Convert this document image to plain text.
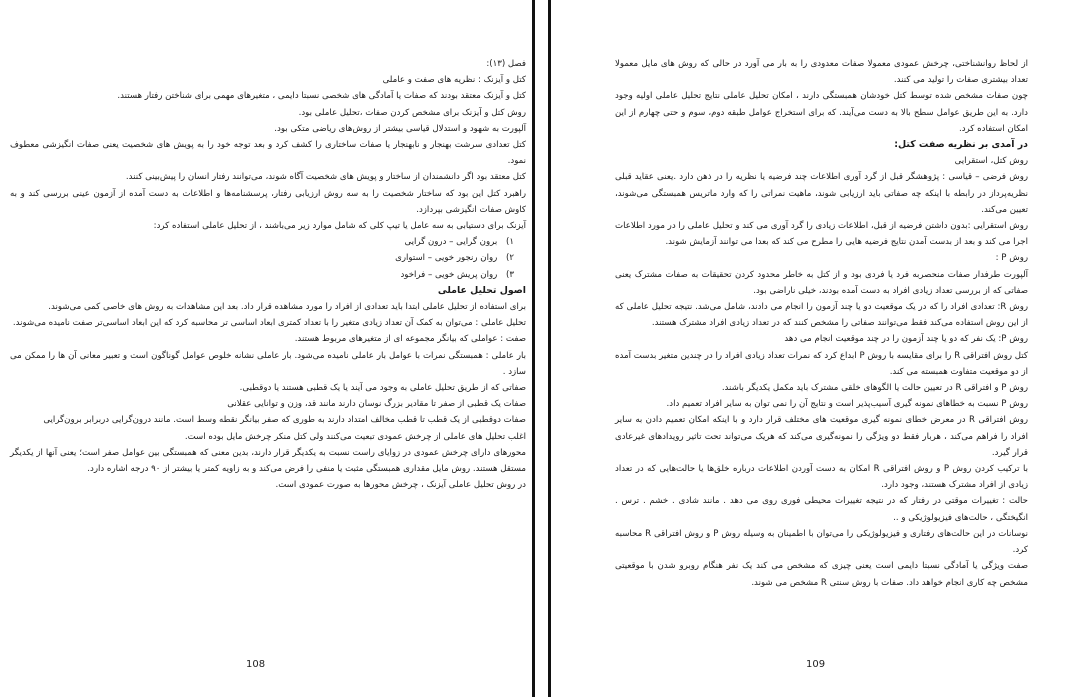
فصل (۱۳):
کتل و آیزنک : نظریه های صفت و عاملی
کتل و آیزنک معتقد بودند که صفات یا آمادگی های شخصی نسبتا دایمی ، متغیرهای مهمی برای شناختن رفتار هستند.
روش کتل و آیزنک برای مشخص کردن صفات ،تحلیل عاملی بود.
آلپورت به شهود و استدلال قیاسی بیشتر از روش‌های ریاضی متکی بود.
کتل تعدادی سرشت بهنجار و نابهنجار یا صفات ساختاری را کشف کرد و بعد توجه خود را به پویش های شخصیت یعنی صفات انگیزشی معطوف نمود.
کتل معتقد بود اگر دانشمندان از ساختار و پویش های شخصیت آگاه شوند، می‌توانند رفتار انسان را پیش‌بینی کنند.
راهبرد کتل این بود که ساختار شخصیت را به سه روش ارزیابی رفتار، پرسشنامه‌ها و اطلاعات به دست آمده از آزمون عینی بررسی کند و به کاوش صفات انگیزشی بپردازد.
آیزنک برای دستیابی به سه عامل یا تیپ کلی که شامل موارد زیر می‌باشند ، از تحلیل عاملی استفاده کرد:
۱) برون گرایی – درون گرایی
۲) روان رنجور خویی – استواری
۳) روان پریش خویی – فراخود
اصول تحلیل عاملی
برای استفاده از تحلیل عاملی ابتدا باید تعدادی از افراد را مورد مشاهده قرار داد. بعد این مشاهدات به روش های خاصی کمی می‌شوند.
تحلیل عاملی : می‌توان به کمک آن تعداد زیادی متغیر را با تعداد کمتری ابعاد اساسی تر محاسبه کرد که این ابعاد اساسی‌تر صفت نامیده می‌شوند.
صفت : عواملی که بیانگر مجموعه ای از متغیرهای مربوط هستند.
بار عاملی : همبستگی نمرات با عوامل بار عاملی نامیده می‌شود. بار عاملی نشانه خلوص عوامل گوناگون است و تعبیر معانی آن ها را ممکن می سازد .
صفاتی که از طریق تحلیل عاملی به وجود می آیند یا یک قطبی هستند یا دوقطبی.
صفات یک قطبی از صفر تا مقادیر بزرگ نوسان دارند مانند قد، وزن و توانایی عقلانی
صفات دوقطبی از یک قطب تا قطب مخالف امتداد دارند به طوری که صفر بیانگر نقطه وسط است. مانند درون‌گرایی دربرابر برون‌گرایی
اغلب تحلیل های عاملی از چرخش عمودی تبعیت می‌کنند ولی کتل منکر چرخش مایل بوده است.
محورهای دارای چرخش عمودی در زوایای راست نسبت به یکدیگر قرار دارند، بدین معنی که همبستگی بین عوامل صفر است؛ یعنی آنها از یکدیگر مستقل هستند. روش مایل مقداری همبستگی مثبت یا منفی را فرض می‌کند و به زاویه کمتر یا بیشتر از ۹۰ درجه اشاره دارد.
در روش تحلیل عاملی آیزنک ، چرخش محورها به صورت عمودی است.
108
از لحاظ روانشناختی، چرخش عمودی معمولا صفات معدودی را به بار می آورد در حالی که روش های مایل معمولا تعداد بیشتری صفات را تولید می کنند.
چون صفات مشخص شده توسط کتل خودشان همبستگی دارند ، امکان تحلیل عاملی نتایج تحلیل عاملی اولیه وجود دارد. به این طریق عوامل سطح بالا به دست می‌آیند. که برای استخراج عوامل طبقه دوم، سوم و حتی چهارم از این امکان استفاده کرد.
در آمدی بر نظریه صفت کتل:
روش کتل، استقرایی
روش فرضی – قیاسی : پژوهشگر قبل از گرد آوری اطلاعات چند فرضیه یا نظریه را در ذهن دارد .یعنی عقاید قبلی نظریه‌پرداز در رابطه با اینکه چه صفاتی باید ارزیابی شوند، ماهیت نمراتی را که وارد ماتریس همبستگی می‌شوند، تعیین می‌کند.
روش استقرایی :بدون داشتن فرضیه از قبل، اطلاعات زیادی را گرد آوری می کند و تحلیل عاملی را در مورد اطلاعات اجرا می کند و بعد از بدست آمدن نتایج فرضیه هایی را مطرح می کند که بعدا می توانند آزمایش شوند.
روش P :
آلپورت طرفدار صفات منحصربه فرد یا فردی بود و از کتل به خاطر محدود کردن تحقیقات به صفات مشترک یعنی صفاتی که از بررسی تعداد زیادی افراد به دست آمده بودند، خیلی ناراضی بود.
روش R: تعدادی افراد را که در یک موقعیت دو یا چند آزمون را انجام می دادند، شامل می‌شد. نتیجه تحلیل عاملی که از این روش استفاده می‌کند فقط می‌توانند صفاتی را مشخص کنند که در تعداد زیادی افراد مشترک هستند.
روش P: یک نفر که دو یا چند آزمون را در چند موقعیت انجام می دهد
کتل روش افتراقی R را برای مقایسه با روش P ابداع کرد که نمرات تعداد زیادی افراد را در چندین متغیر بدست آمده از دو موقعیت متفاوت همبسته می کند.
روش P و افتراقی R در تعیین حالت یا الگوهای خلقی مشترک باید مکمل یکدیگر باشند.
روش P نسبت به خطاهای نمونه گیری آسیب‌پذیر است و نتایج آن را نمی توان به سایر افراد تعمیم داد.
روش افتراقی R در معرض خطای نمونه گیری موقعیت های مختلف قرار دارد و با اینکه امکان تعمیم دادن به سایر افراد را فراهم می‌کند ، هربار فقط دو ویژگی را نمونه‌گیری می‌کند که هریک می‌تواند تحت تاثیر رویدادهای غیرعادی قرار گیرد.
با ترکیب کردن روش P و روش افتراقی R امکان به دست آوردن اطلاعات درباره خلق‌ها یا حالت‌هایی که در تعداد زیادی از افراد مشترک هستند، وجود دارد.
حالت : تغییرات موقتی در رفتار که در نتیجه تغییرات محیطی فوری روی می دهد . مانند شادی . خشم . ترس . انگیختگی ، حالت‌های فیزیولوژیکی و ..
نوسانات در این حالت‌های رفتاری و فیزیولوژیکی را می‌توان با اطمینان به وسیله روش P و روش افتراقی R محاسبه کرد.
صفت ویژگی یا آمادگی نسبتا دایمی است یعنی چیزی که مشخص می کند یک نفر هنگام روبرو شدن با موقعیتی مشخص چه کاری انجام خواهد داد. صفات با روش سنتی R مشخص می شوند.
109
